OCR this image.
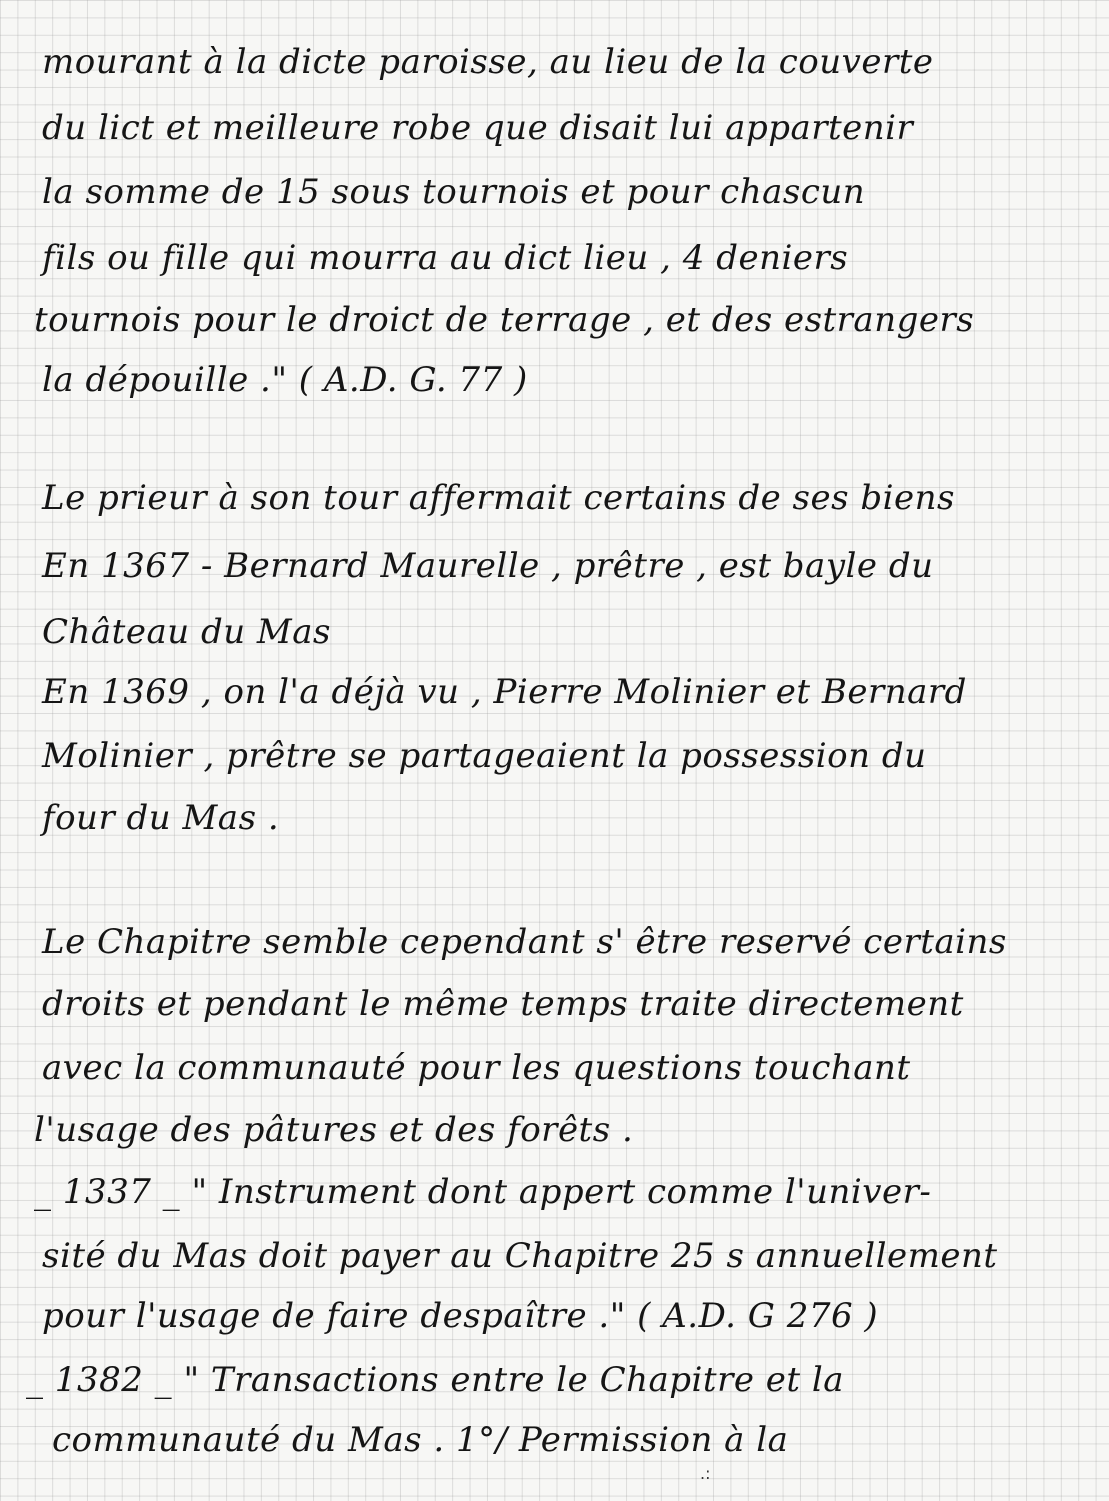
mourant à la dicte paroisse, au lieu de la couverte
du lict et meilleure robe que disait lui appartenir
la somme de 15 sous tournois et pour chascun
fils ou fille qui mourra au dict lieu , 4 deniers
tournois pour le droict de terrage , et des estrangers
la dépouille ." ( A.D. G. 77 )
Le prieur à son tour affermait certains de ses biens
En 1367 - Bernard Maurelle , prêtre , est bayle du
Château du Mas
En 1369 , on l'a déjà vu , Pierre Molinier et Bernard
Molinier , prêtre se partageaient la possession du
four du Mas .
Le Chapitre semble cependant s' être reservé certains
droits et pendant le même temps traite directement
avec la communauté pour les questions touchant
l'usage des pâtures et des forêts .
_ 1337 _ " Instrument dont appert comme l'univer-
sité du Mas doit payer au Chapitre 25 s annuellement
pour l'usage de faire despaître ." ( A.D. G 276 )
_ 1382 _ " Transactions entre le Chapitre et la
communauté du Mas . 1°/ Permission à la
.:
